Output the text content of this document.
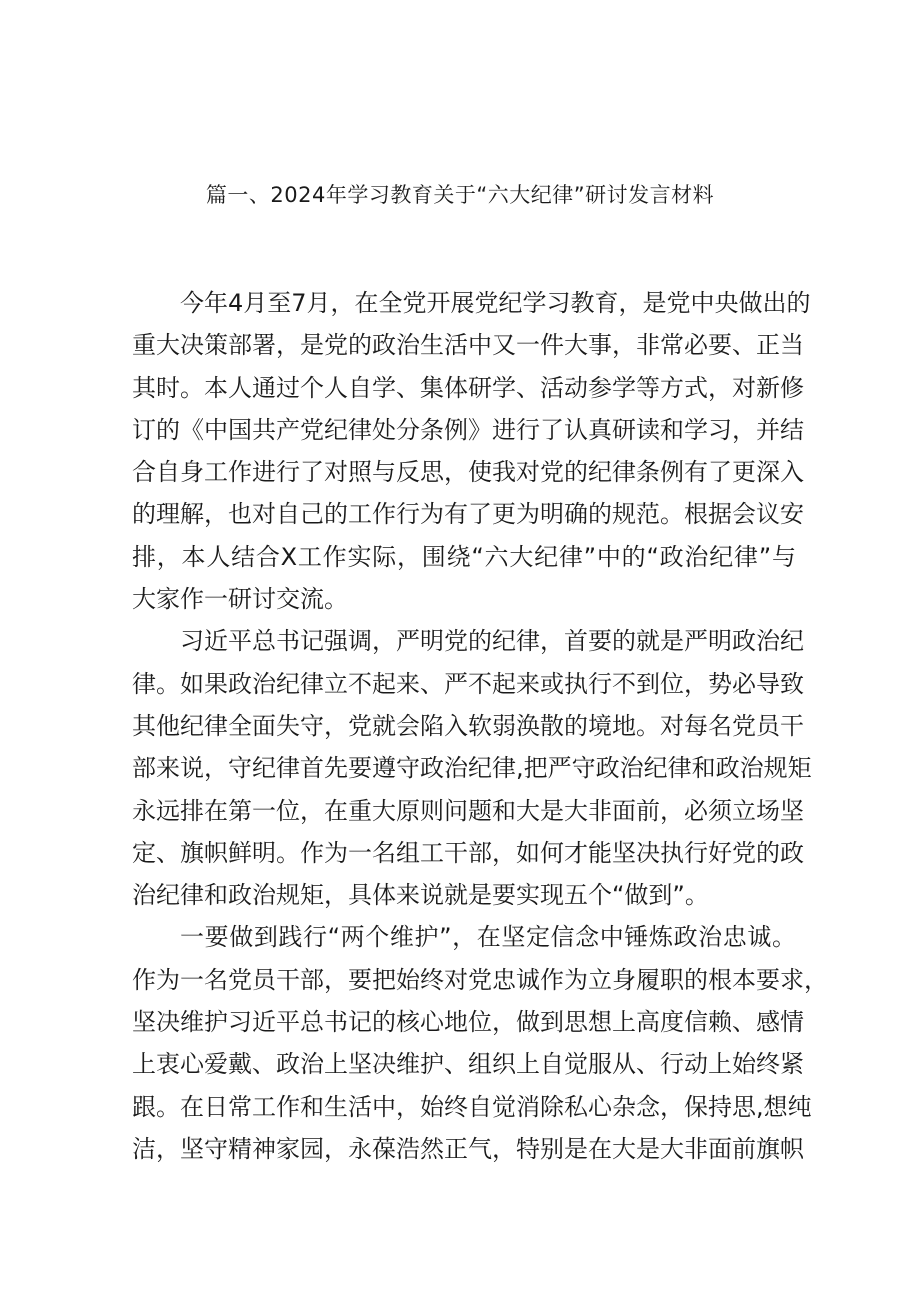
篇一、2024年学习教育关于“六大纪律”研讨发言材料
今年4月至7月，在全党开展党纪学习教育，是党中央做出的
重大决策部署，是党的政治生活中又一件大事，非常必要、正当
其时。本人通过个人自学、集体研学、活动参学等方式，对新修
订的《中国共产党纪律处分条例》进行了认真研读和学习，并结
合自身工作进行了对照与反思，使我对党的纪律条例有了更深入
的理解，也对自己的工作行为有了更为明确的规范。根据会议安
排，本人结合X工作实际，围绕“六大纪律”中的“政治纪律”与
大家作一研讨交流。
习近平总书记强调，严明党的纪律，首要的就是严明政治纪
律。如果政治纪律立不起来、严不起来或执行不到位，势必导致
其他纪律全面失守，党就会陷入软弱涣散的境地。对每名党员干
部来说，守纪律首先要遵守政治纪律,把严守政治纪律和政治规矩
永远排在第一位，在重大原则问题和大是大非面前，必须立场坚
定、旗帜鲜明。作为一名组工干部，如何才能坚决执行好党的政
治纪律和政治规矩，具体来说就是要实现五个“做到”。
一要做到践行“两个维护”，在坚定信念中锤炼政治忠诚。
作为一名党员干部，要把始终对党忠诚作为立身履职的根本要求，
坚决维护习近平总书记的核心地位，做到思想上高度信赖、感情
上衷心爱戴、政治上坚决维护、组织上自觉服从、行动上始终紧
跟。在日常工作和生活中，始终自觉消除私心杂念，保持思,想纯
洁，坚守精神家园，永葆浩然正气，特别是在大是大非面前旗帜
